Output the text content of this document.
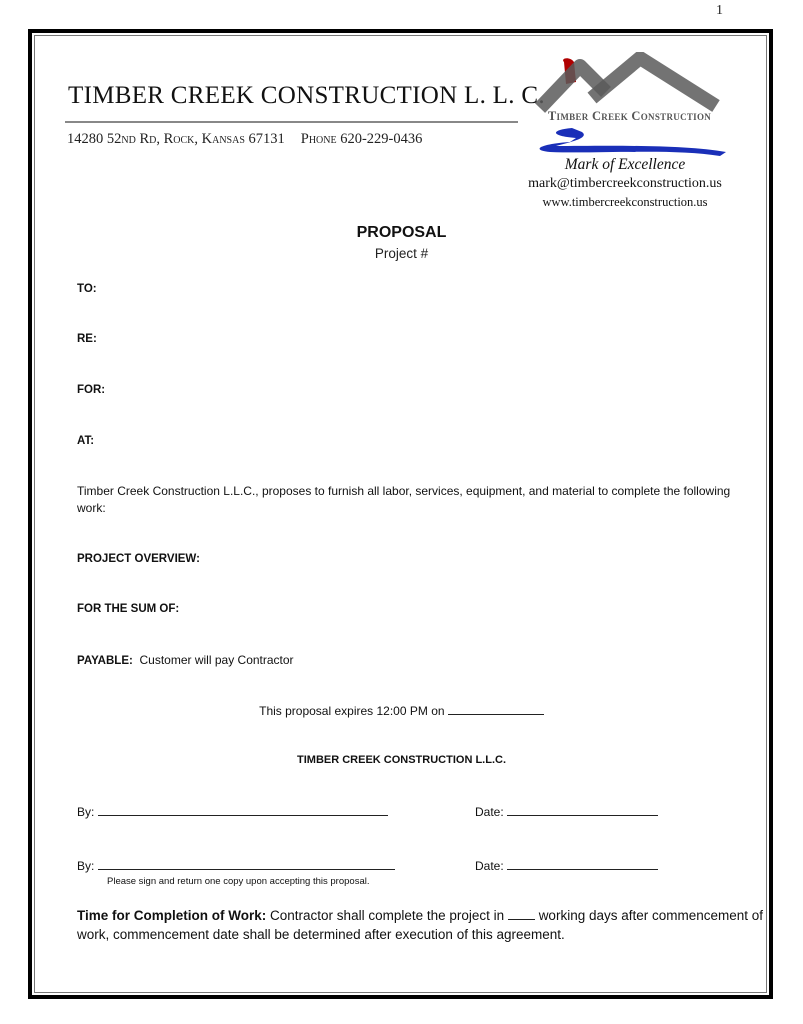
1
TIMBER CREEK CONSTRUCTION L. L. C.
14280 52nd Rd, Rock, Kansas 67131 Phone 620-229-0436
Timber Creek Construction
Mark of Excellence
mark@timbercreekconstruction.us
www.timbercreekconstruction.us
PROPOSAL
Project #
TO:
RE:
FOR:
AT:
Timber Creek Construction L.L.C., proposes to furnish all labor, services, equipment, and material to complete the following work:
PROJECT OVERVIEW:
FOR THE SUM OF:
PAYABLE: Customer will pay Contractor
This proposal expires 12:00 PM on
TIMBER CREEK CONSTRUCTION L.L.C.
By:	Date:
By:	Date:
Please sign and return one copy upon accepting this proposal.
Time for Completion of Work: Contractor shall complete the project in	working days after commencement of work, commencement date shall be determined after execution of this agreement.
